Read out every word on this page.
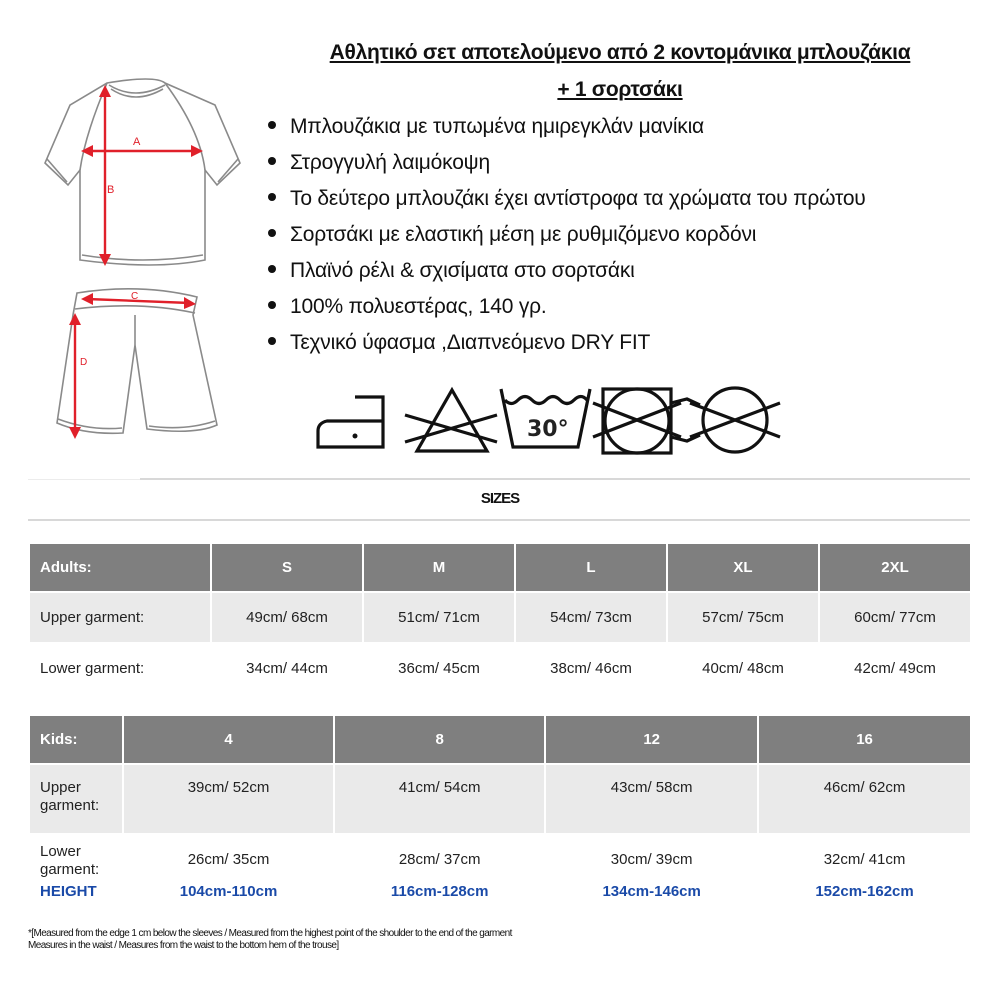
Αθλητικό σετ αποτελούμενο από 2 κοντομάνικα μπλουζάκια
+ 1 σορτσάκι
Μπλουζάκια με τυπωμένα ημιρεγκλάν μανίκια
Στρογγυλή λαιμόκοψη
Το δεύτερο μπλουζάκι έχει αντίστροφα τα χρώματα του πρώτου
Σορτσάκι με ελαστική μέση με ρυθμιζόμενο κορδόνι
Πλαϊνό ρέλι & σχισίματα στο σορτσάκι
100% πολυεστέρας, 140 γρ.
Τεχνικό ύφασμα ,Διαπνεόμενο DRY FIT
A
B
C
D
30°
SIZES
Adults:	S	M	L	XL	2XL
Upper garment:	49cm/ 68cm	51cm/ 71cm	54cm/ 73cm	57cm/ 75cm	60cm/ 77cm
Lower garment:	34cm/ 44cm	36cm/ 45cm	38cm/ 46cm	40cm/ 48cm	42cm/ 49cm
Kids:	4	8	12	16
Upper
garment:	39cm/ 52cm	41cm/ 54cm	43cm/ 58cm	46cm/ 62cm
Lower
garment:	26cm/ 35cm	28cm/ 37cm	30cm/ 39cm	32cm/ 41cm
HEIGHT	104cm-110cm	116cm-128cm	134cm-146cm	152cm-162cm
*[Measured from the edge 1 cm below the sleeves / Measured from the highest point of the shoulder to the end of the garment
Measures in the waist / Measures from the waist to the bottom hem of the trouse]
